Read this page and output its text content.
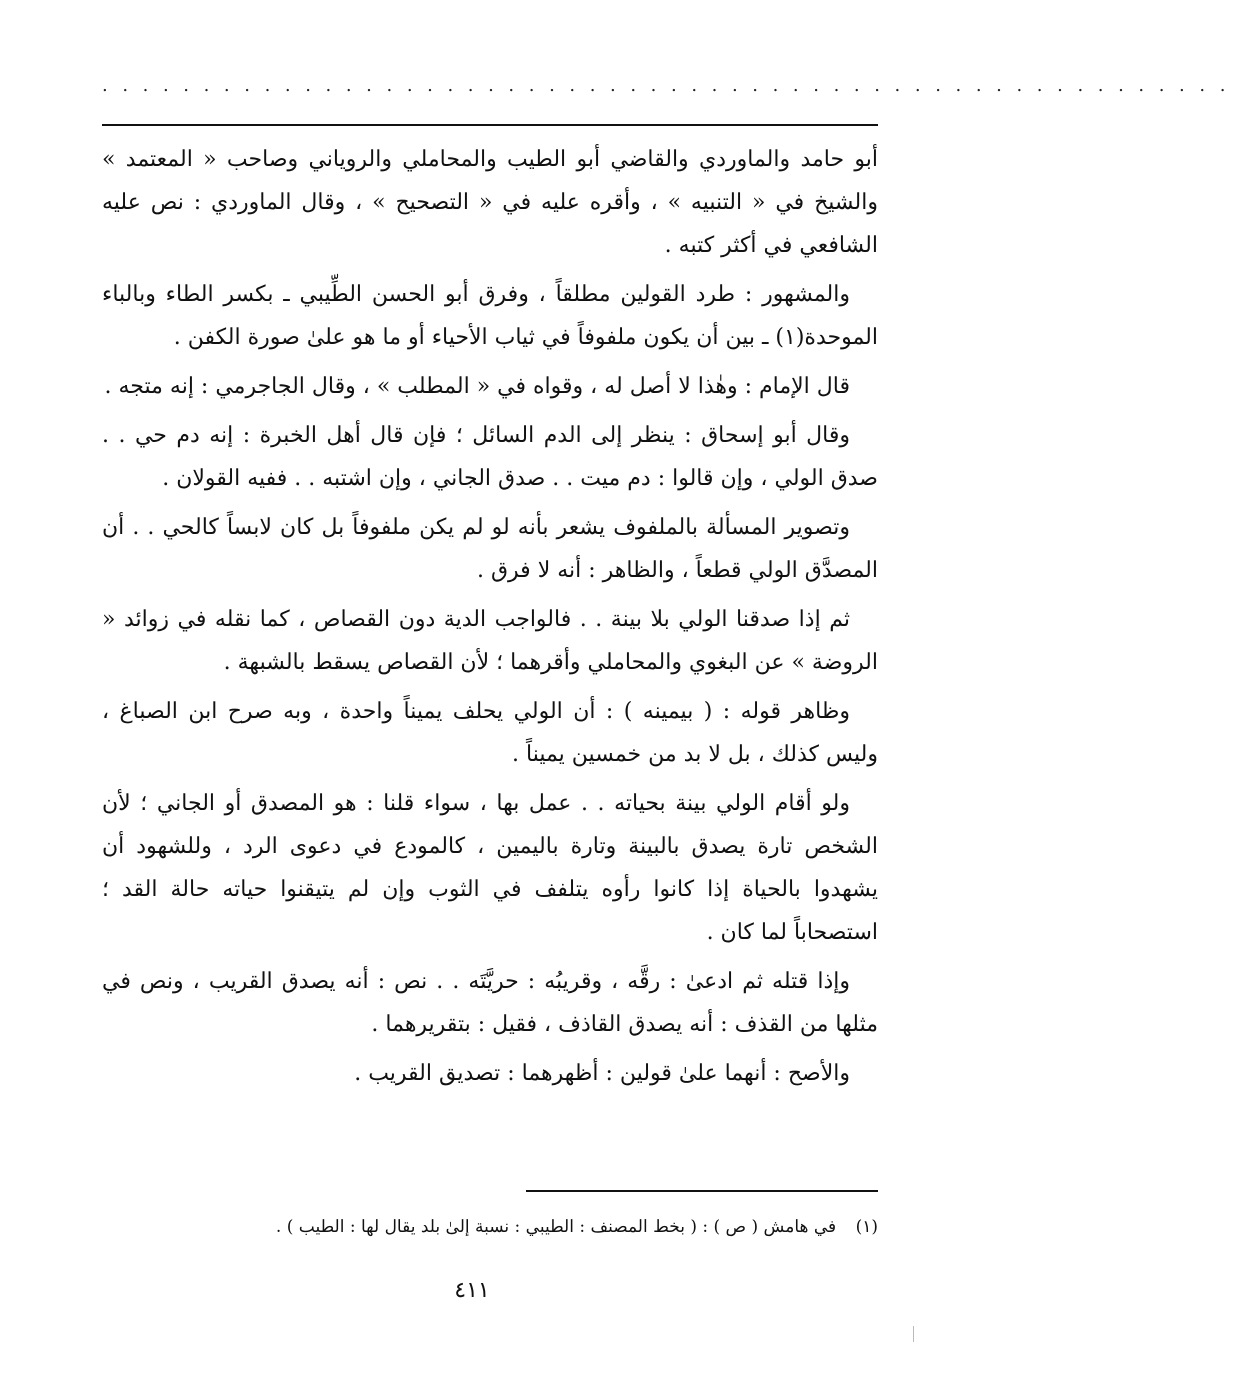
........................................................

أبو حامد والماوردي والقاضي أبو الطيب والمحاملي والروياني وصاحب « المعتمد » والشيخ في « التنبيه » ، وأقره عليه في « التصحيح » ، وقال الماوردي : نص عليه الشافعي في أكثر كتبه .

والمشهور : طرد القولين مطلقاً ، وفرق أبو الحسن الطِّيبي ـ بكسر الطاء وبالباء الموحدة(١) ـ بين أن يكون ملفوفاً في ثياب الأحياء أو ما هو علىٰ صورة الكفن .

قال الإمام : وهٰذا لا أصل له ، وقواه في « المطلب » ، وقال الجاجرمي : إنه متجه .

وقال أبو إسحاق : ينظر إلى الدم السائل ؛ فإن قال أهل الخبرة : إنه دم حي . . صدق الولي ، وإن قالوا : دم ميت . . صدق الجاني ، وإن اشتبه . . ففيه القولان .

وتصوير المسألة بالملفوف يشعر بأنه لو لم يكن ملفوفاً بل كان لابساً كالحي . . أن المصدَّق الولي قطعاً ، والظاهر : أنه لا فرق .

ثم إذا صدقنا الولي بلا بينة . . فالواجب الدية دون القصاص ، كما نقله في زوائد « الروضة » عن البغوي والمحاملي وأقرهما ؛ لأن القصاص يسقط بالشبهة .

وظاهر قوله : ( بيمينه ) : أن الولي يحلف يميناً واحدة ، وبه صرح ابن الصباغ ، وليس كذلك ، بل لا بد من خمسين يميناً .

ولو أقام الولي بينة بحياته . . عمل بها ، سواء قلنا : هو المصدق أو الجاني ؛ لأن الشخص تارة يصدق بالبينة وتارة باليمين ، كالمودع في دعوى الرد ، وللشهود أن يشهدوا بالحياة إذا كانوا رأوه يتلفف في الثوب وإن لم يتيقنوا حياته حالة القد ؛ استصحاباً لما كان .

وإذا قتله ثم ادعىٰ : رقَّه ، وقريبُه : حريَّتَه . . نص : أنه يصدق القريب ، ونص في مثلها من القذف : أنه يصدق القاذف ، فقيل : بتقريرهما .

والأصح : أنهما علىٰ قولين : أظهرهما : تصديق القريب .

(١) في هامش ( ص ) : ( بخط المصنف : الطيبي : نسبة إلىٰ بلد يقال لها : الطيب ) .
٤١١
